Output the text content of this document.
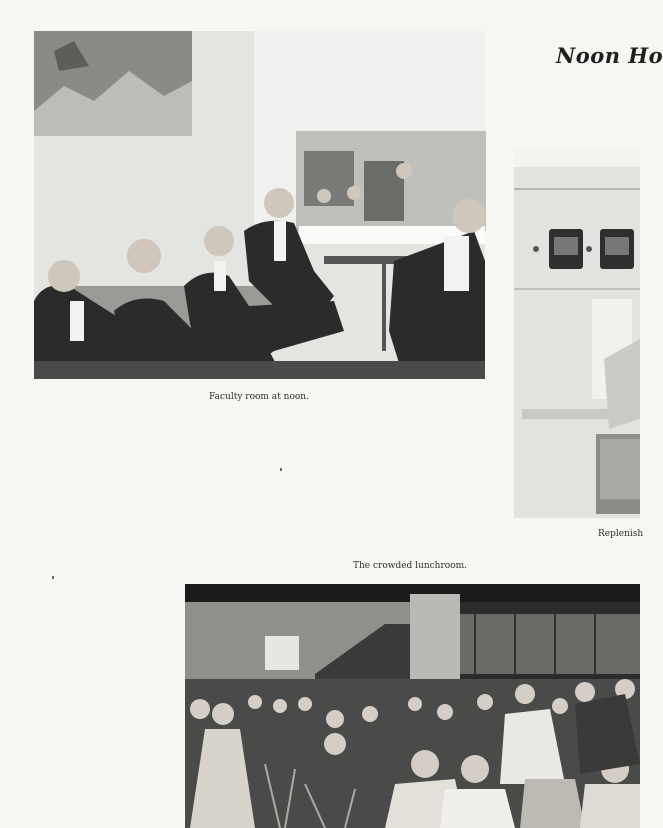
Noon Ho
Faculty room at noon.
Replenish
The crowded lunchroom.
